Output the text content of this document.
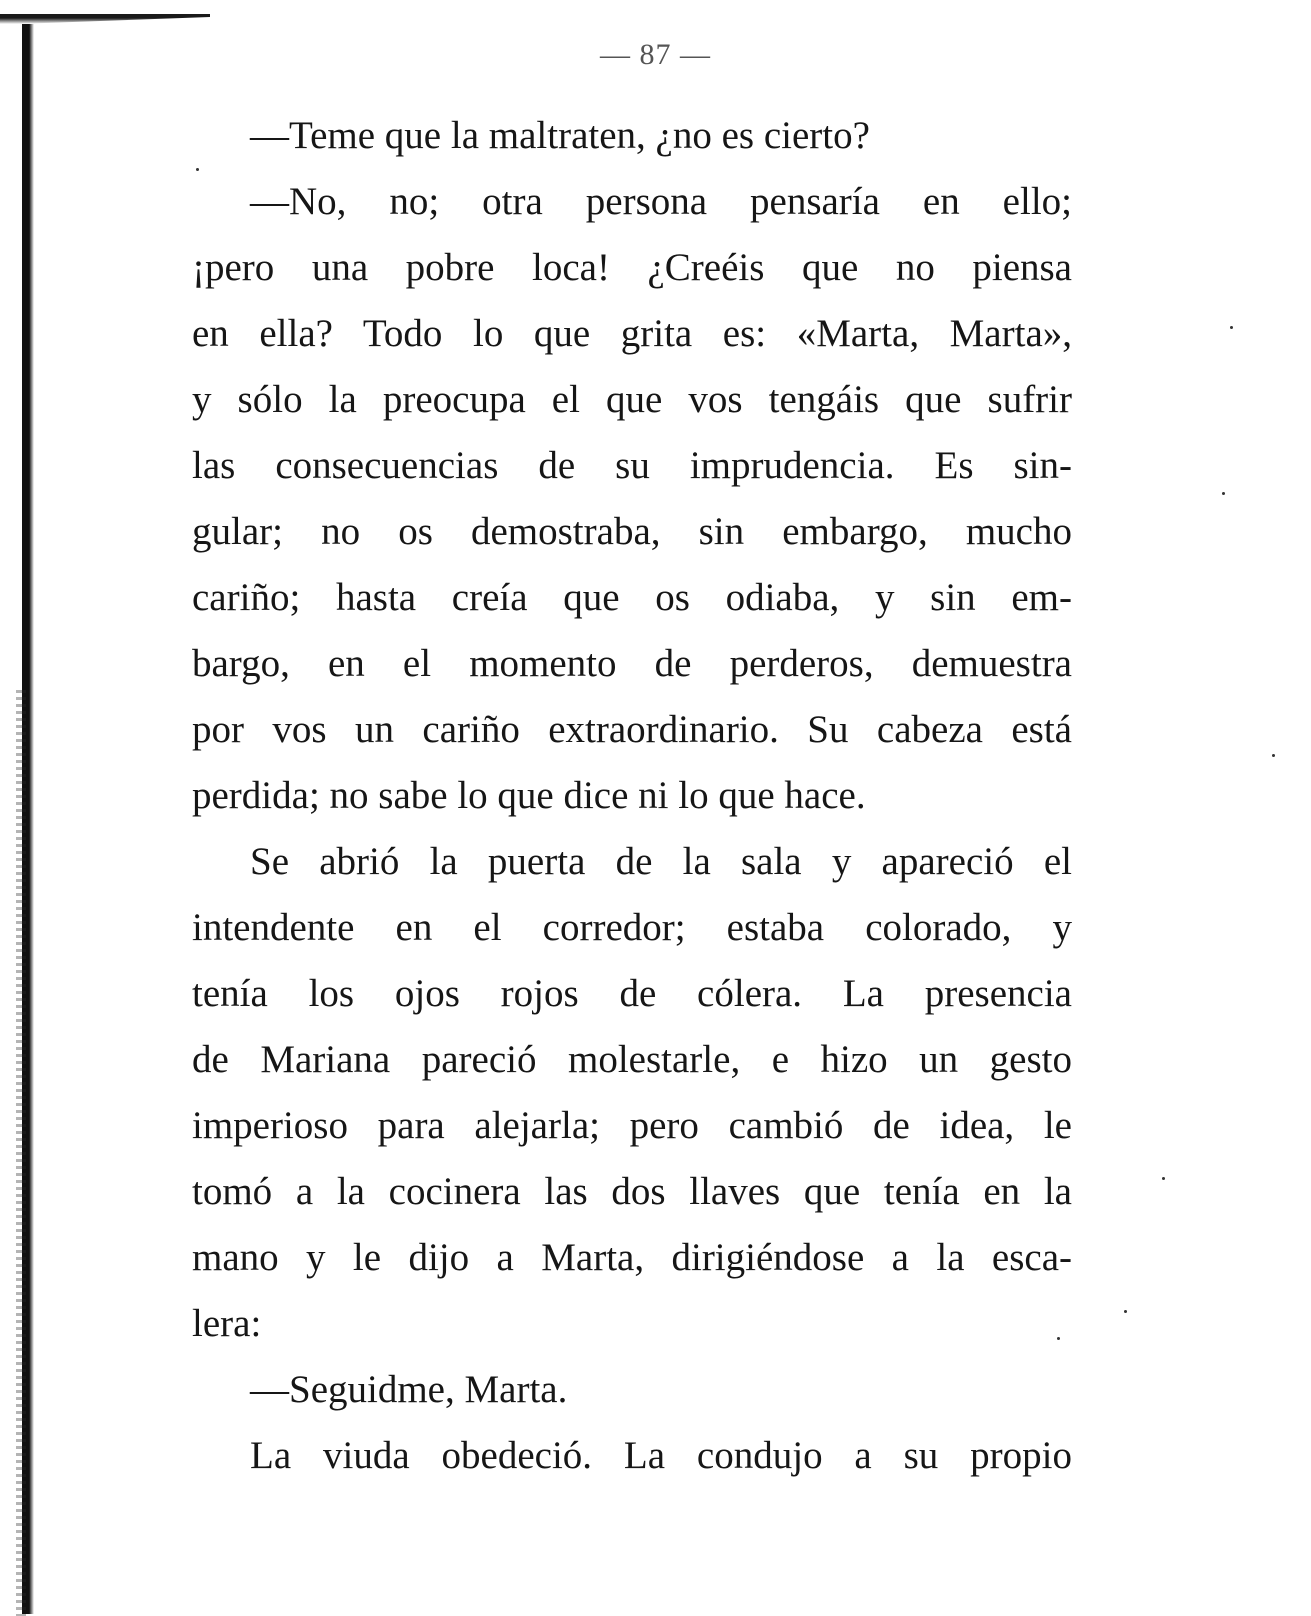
— 87 —
—Teme que la maltraten, ¿no es cierto?
—No, no; otra persona pensaría en ello;
¡pero una pobre loca! ¿Creéis que no piensa
en ella? Todo lo que grita es: «Marta, Marta»,
y sólo la preocupa el que vos tengáis que sufrir
las consecuencias de su imprudencia. Es sin-
gular; no os demostraba, sin embargo, mucho
cariño; hasta creía que os odiaba, y sin em-
bargo, en el momento de perderos, demuestra
por vos un cariño extraordinario. Su cabeza está
perdida; no sabe lo que dice ni lo que hace.
Se abrió la puerta de la sala y apareció el
intendente en el corredor; estaba colorado, y
tenía los ojos rojos de cólera. La presencia
de Mariana pareció molestarle, e hizo un gesto
imperioso para alejarla; pero cambió de idea, le
tomó a la cocinera las dos llaves que tenía en la
mano y le dijo a Marta, dirigiéndose a la esca-
lera:
—Seguidme, Marta.
La viuda obedeció. La condujo a su propio
